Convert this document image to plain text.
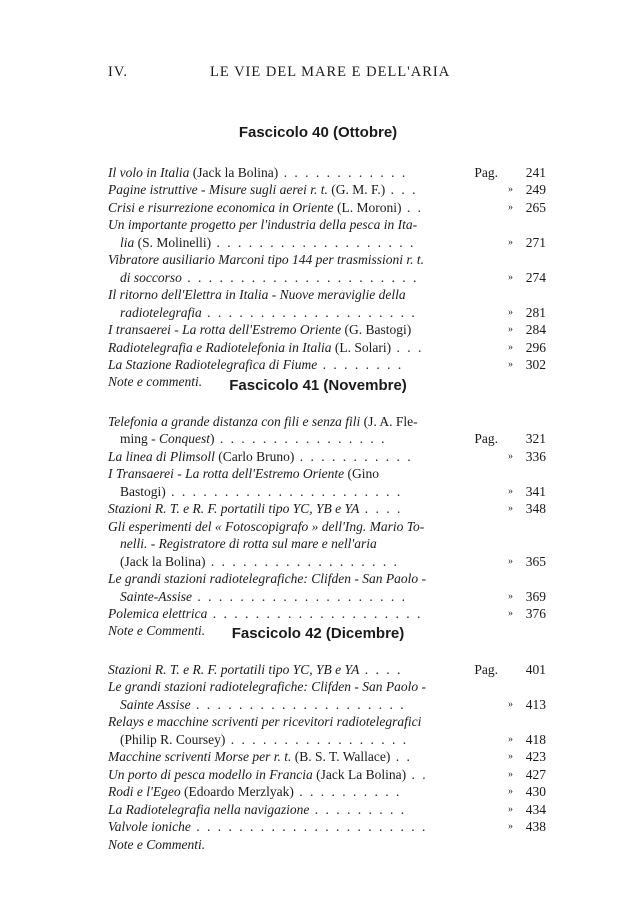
IV.	LE VIE DEL MARE E DELL'ARIA
Fascicolo 40 (Ottobre)
Il volo in Italia (Jack la Bolina) . . . . . . . . . . . .	Pag.	241
Pagine istruttive - Misure sugli aerei r. t. (G. M. F.) . . .	» 249
Crisi e risurrezione economica in Oriente (L. Moroni) . .	» 265
Un importante progetto per l'industria della pesca in Ita-
lia (S. Molinelli) . . . . . . . . . . . . . . . . . . .	» 271
Vibratore ausiliario Marconi tipo 144 per trasmissioni r. t.
di soccorso . . . . . . . . . . . . . . . . . . . . . .	» 274
Il ritorno dell'Elettra in Italia - Nuove meraviglie della
radiotelegrafia . . . . . . . . . . . . . . . . . . . .	» 281
I transaerei - La rotta dell'Estremo Oriente (G. Bastogi)	» 284
Radiotelegrafia e Radiotelefonia in Italia (L. Solari) . . .	» 296
La Stazione Radiotelegrafica di Fiume . . . . . . . .	» 302
Note e commenti.	Fascicolo 41 (Novembre)
Telefonia a grande distanza con fili e senza fili (J. A. Fle-
ming - Conquest) . . . . . . . . . . . . . . . .	Pag.	321
La linea di Plimsoll (Carlo Bruno) . . . . . . . . . . .	» 336
I Transaerei - La rotta dell'Estremo Oriente (Gino
Bastogi) . . . . . . . . . . . . . . . . . . . . . .	» 341
Stazioni R. T. e R. F. portatili tipo YC, YB e YA . . . .	» 348
Gli esperimenti del « Fotoscopigrafo » dell'Ing. Mario To-
nelli. - Registratore di rotta sul mare e nell'aria
(Jack la Bolina) . . . . . . . . . . . . . . . . . .	» 365
Le grandi stazioni radiotelegrafiche: Clifden - San Paolo -
Sainte-Assise . . . . . . . . . . . . . . . . . . . .	» 369
Polemica elettrica . . . . . . . . . . . . . . . . . . . .	» 376
Note e Commenti.	Fascicolo 42 (Dicembre)
Stazioni R. T. e R. F. portatili tipo YC, YB e YA . . . .	Pag.	401
Le grandi stazioni radiotelegrafiche: Clifden - San Paolo -
Sainte Assise . . . . . . . . . . . . . . . . . . . .	» 413
Relays e macchine scriventi per ricevitori radiotelegrafici
(Philip R. Coursey) . . . . . . . . . . . . . . . . .	» 418
Macchine scriventi Morse per r. t. (B. S. T. Wallace) . .	» 423
Un porto di pesca modello in Francia (Jack La Bolina) . .	» 427
Rodi e l'Egeo (Edoardo Merzlyak) . . . . . . . . . .	» 430
La Radiotelegrafia nella navigazione . . . . . . . . .	» 434
Valvole ioniche . . . . . . . . . . . . . . . . . . . . . .	» 438
Note e Commenti.
